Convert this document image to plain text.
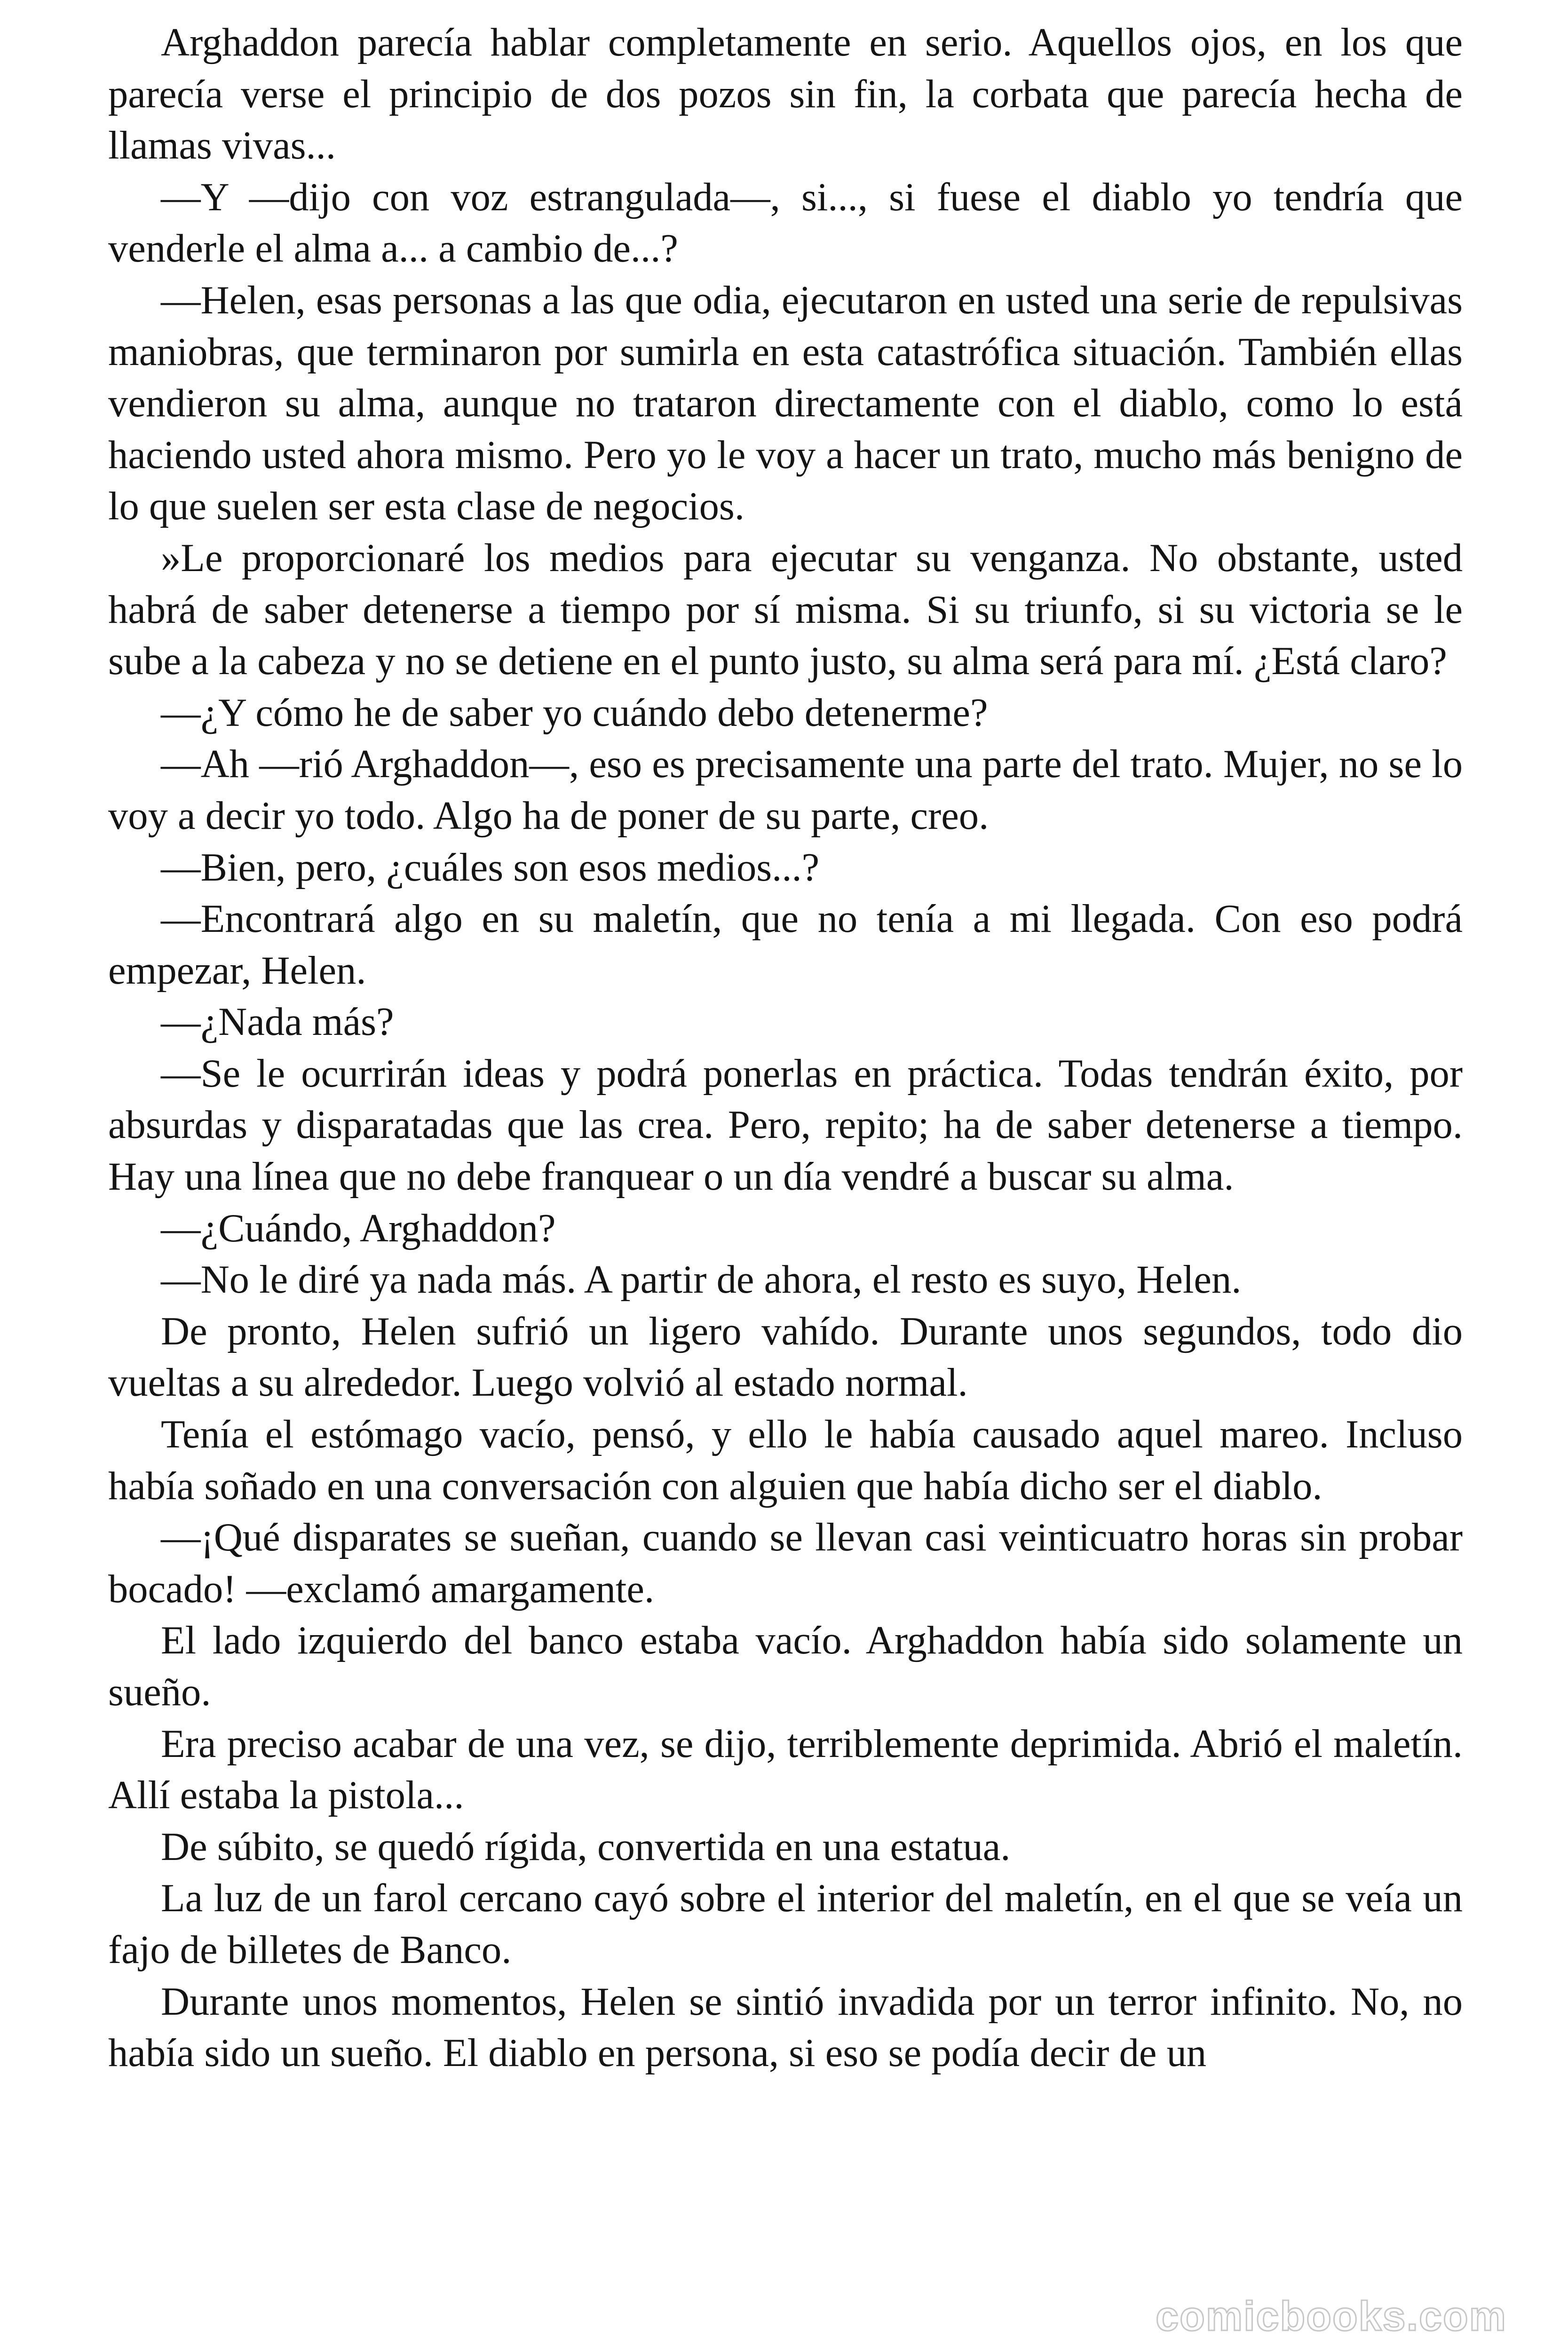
Arghaddon parecía hablar completamente en serio. Aquellos ojos, en los que parecía verse el principio de dos pozos sin fin, la corbata que parecía hecha de llamas vivas...

—Y —dijo con voz estrangulada—, si..., si fuese el diablo yo tendría que venderle el alma a... a cambio de...?

—Helen, esas personas a las que odia, ejecutaron en usted una serie de repulsivas maniobras, que terminaron por sumirla en esta catastrófica situación. También ellas vendieron su alma, aunque no trataron directamente con el diablo, como lo está haciendo usted ahora mismo. Pero yo le voy a hacer un trato, mucho más benigno de lo que suelen ser esta clase de negocios.

»Le proporcionaré los medios para ejecutar su venganza. No obstante, usted habrá de saber detenerse a tiempo por sí misma. Si su triunfo, si su victoria se le sube a la cabeza y no se detiene en el punto justo, su alma será para mí. ¿Está claro?

—¿Y cómo he de saber yo cuándo debo detenerme?

—Ah —rió Arghaddon—, eso es precisamente una parte del trato. Mujer, no se lo voy a decir yo todo. Algo ha de poner de su parte, creo.

—Bien, pero, ¿cuáles son esos medios...?

—Encontrará algo en su maletín, que no tenía a mi llegada. Con eso podrá empezar, Helen.

—¿Nada más?

—Se le ocurrirán ideas y podrá ponerlas en práctica. Todas tendrán éxito, por absurdas y disparatadas que las crea. Pero, repito; ha de saber detenerse a tiempo. Hay una línea que no debe franquear o un día vendré a buscar su alma.

—¿Cuándo, Arghaddon?

—No le diré ya nada más. A partir de ahora, el resto es suyo, Helen.

De pronto, Helen sufrió un ligero vahído. Durante unos segundos, todo dio vueltas a su alrededor. Luego volvió al estado normal.

Tenía el estómago vacío, pensó, y ello le había causado aquel mareo. Incluso había soñado en una conversación con alguien que había dicho ser el diablo.

—¡Qué disparates se sueñan, cuando se llevan casi veinticuatro horas sin probar bocado! —exclamó amargamente.

El lado izquierdo del banco estaba vacío. Arghaddon había sido solamente un sueño.

Era preciso acabar de una vez, se dijo, terriblemente deprimida. Abrió el maletín. Allí estaba la pistola...

De súbito, se quedó rígida, convertida en una estatua.

La luz de un farol cercano cayó sobre el interior del maletín, en el que se veía un fajo de billetes de Banco.

Durante unos momentos, Helen se sintió invadida por un terror infinito. No, no había sido un sueño. El diablo en persona, si eso se podía decir de un

comicbooks.com
